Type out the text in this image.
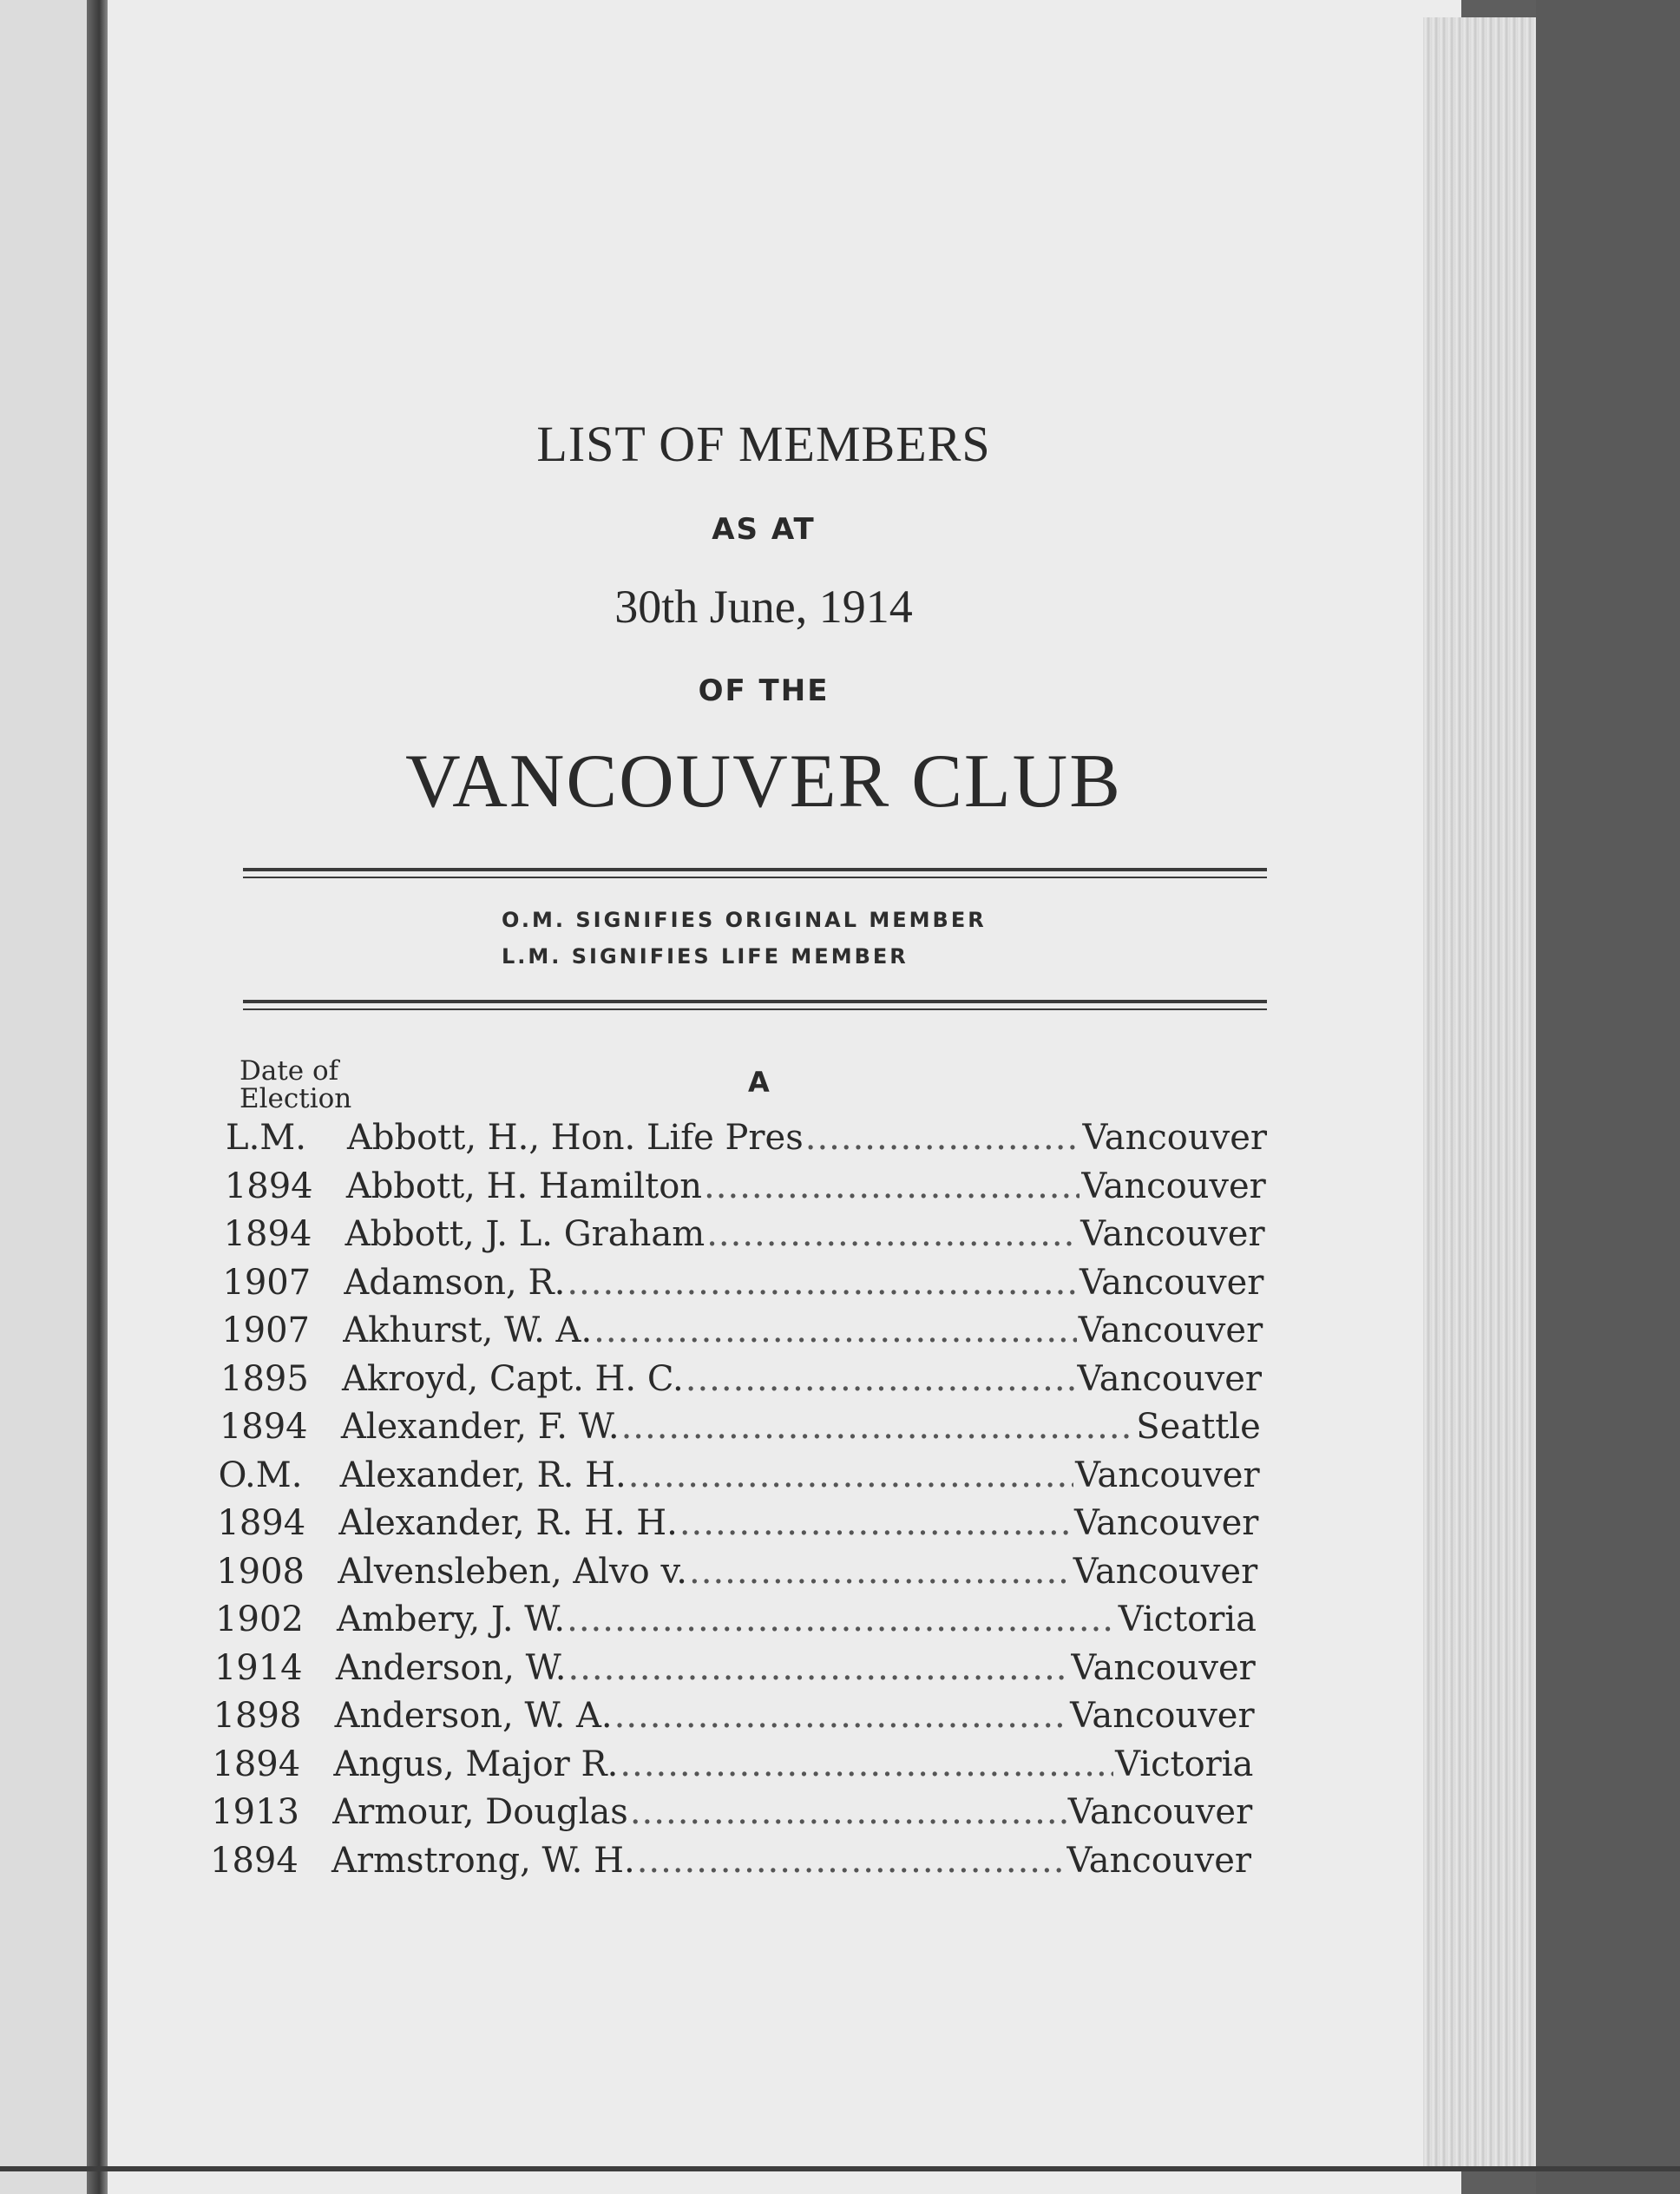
LIST OF MEMBERS
AS AT
30th June, 1914
OF THE
VANCOUVER CLUB
O.M. SIGNIFIES ORIGINAL MEMBER
L.M. SIGNIFIES LIFE MEMBER
Date of
Election	A
L.M.	Abbott, H., Hon. Life Pres .....	Vancouver
1894 Abbott, H. Hamilton .....	Vancouver
1894 Abbott, J. L. Graham .....	Vancouver
1907 Adamson, R. .....	Vancouver
1907 Akhurst, W. A. .....	Vancouver
1895 Akroyd, Capt. H. C. .....	Vancouver
1894 Alexander, F. W. .....	Seattle
O.M.	Alexander, R. H. .....	Vancouver
1894 Alexander, R. H. H. .....	Vancouver
1908 Alvensleben, Alvo v. .....	Vancouver
1902 Ambery, J. W. .....	Victoria
1914 Anderson, W. .....	Vancouver
1898 Anderson, W. A. .....	Vancouver
1894 Angus, Major R. .....	Victoria
1913 Armour, Douglas .....	Vancouver
1894 Armstrong, W. H. .....	Vancouver
